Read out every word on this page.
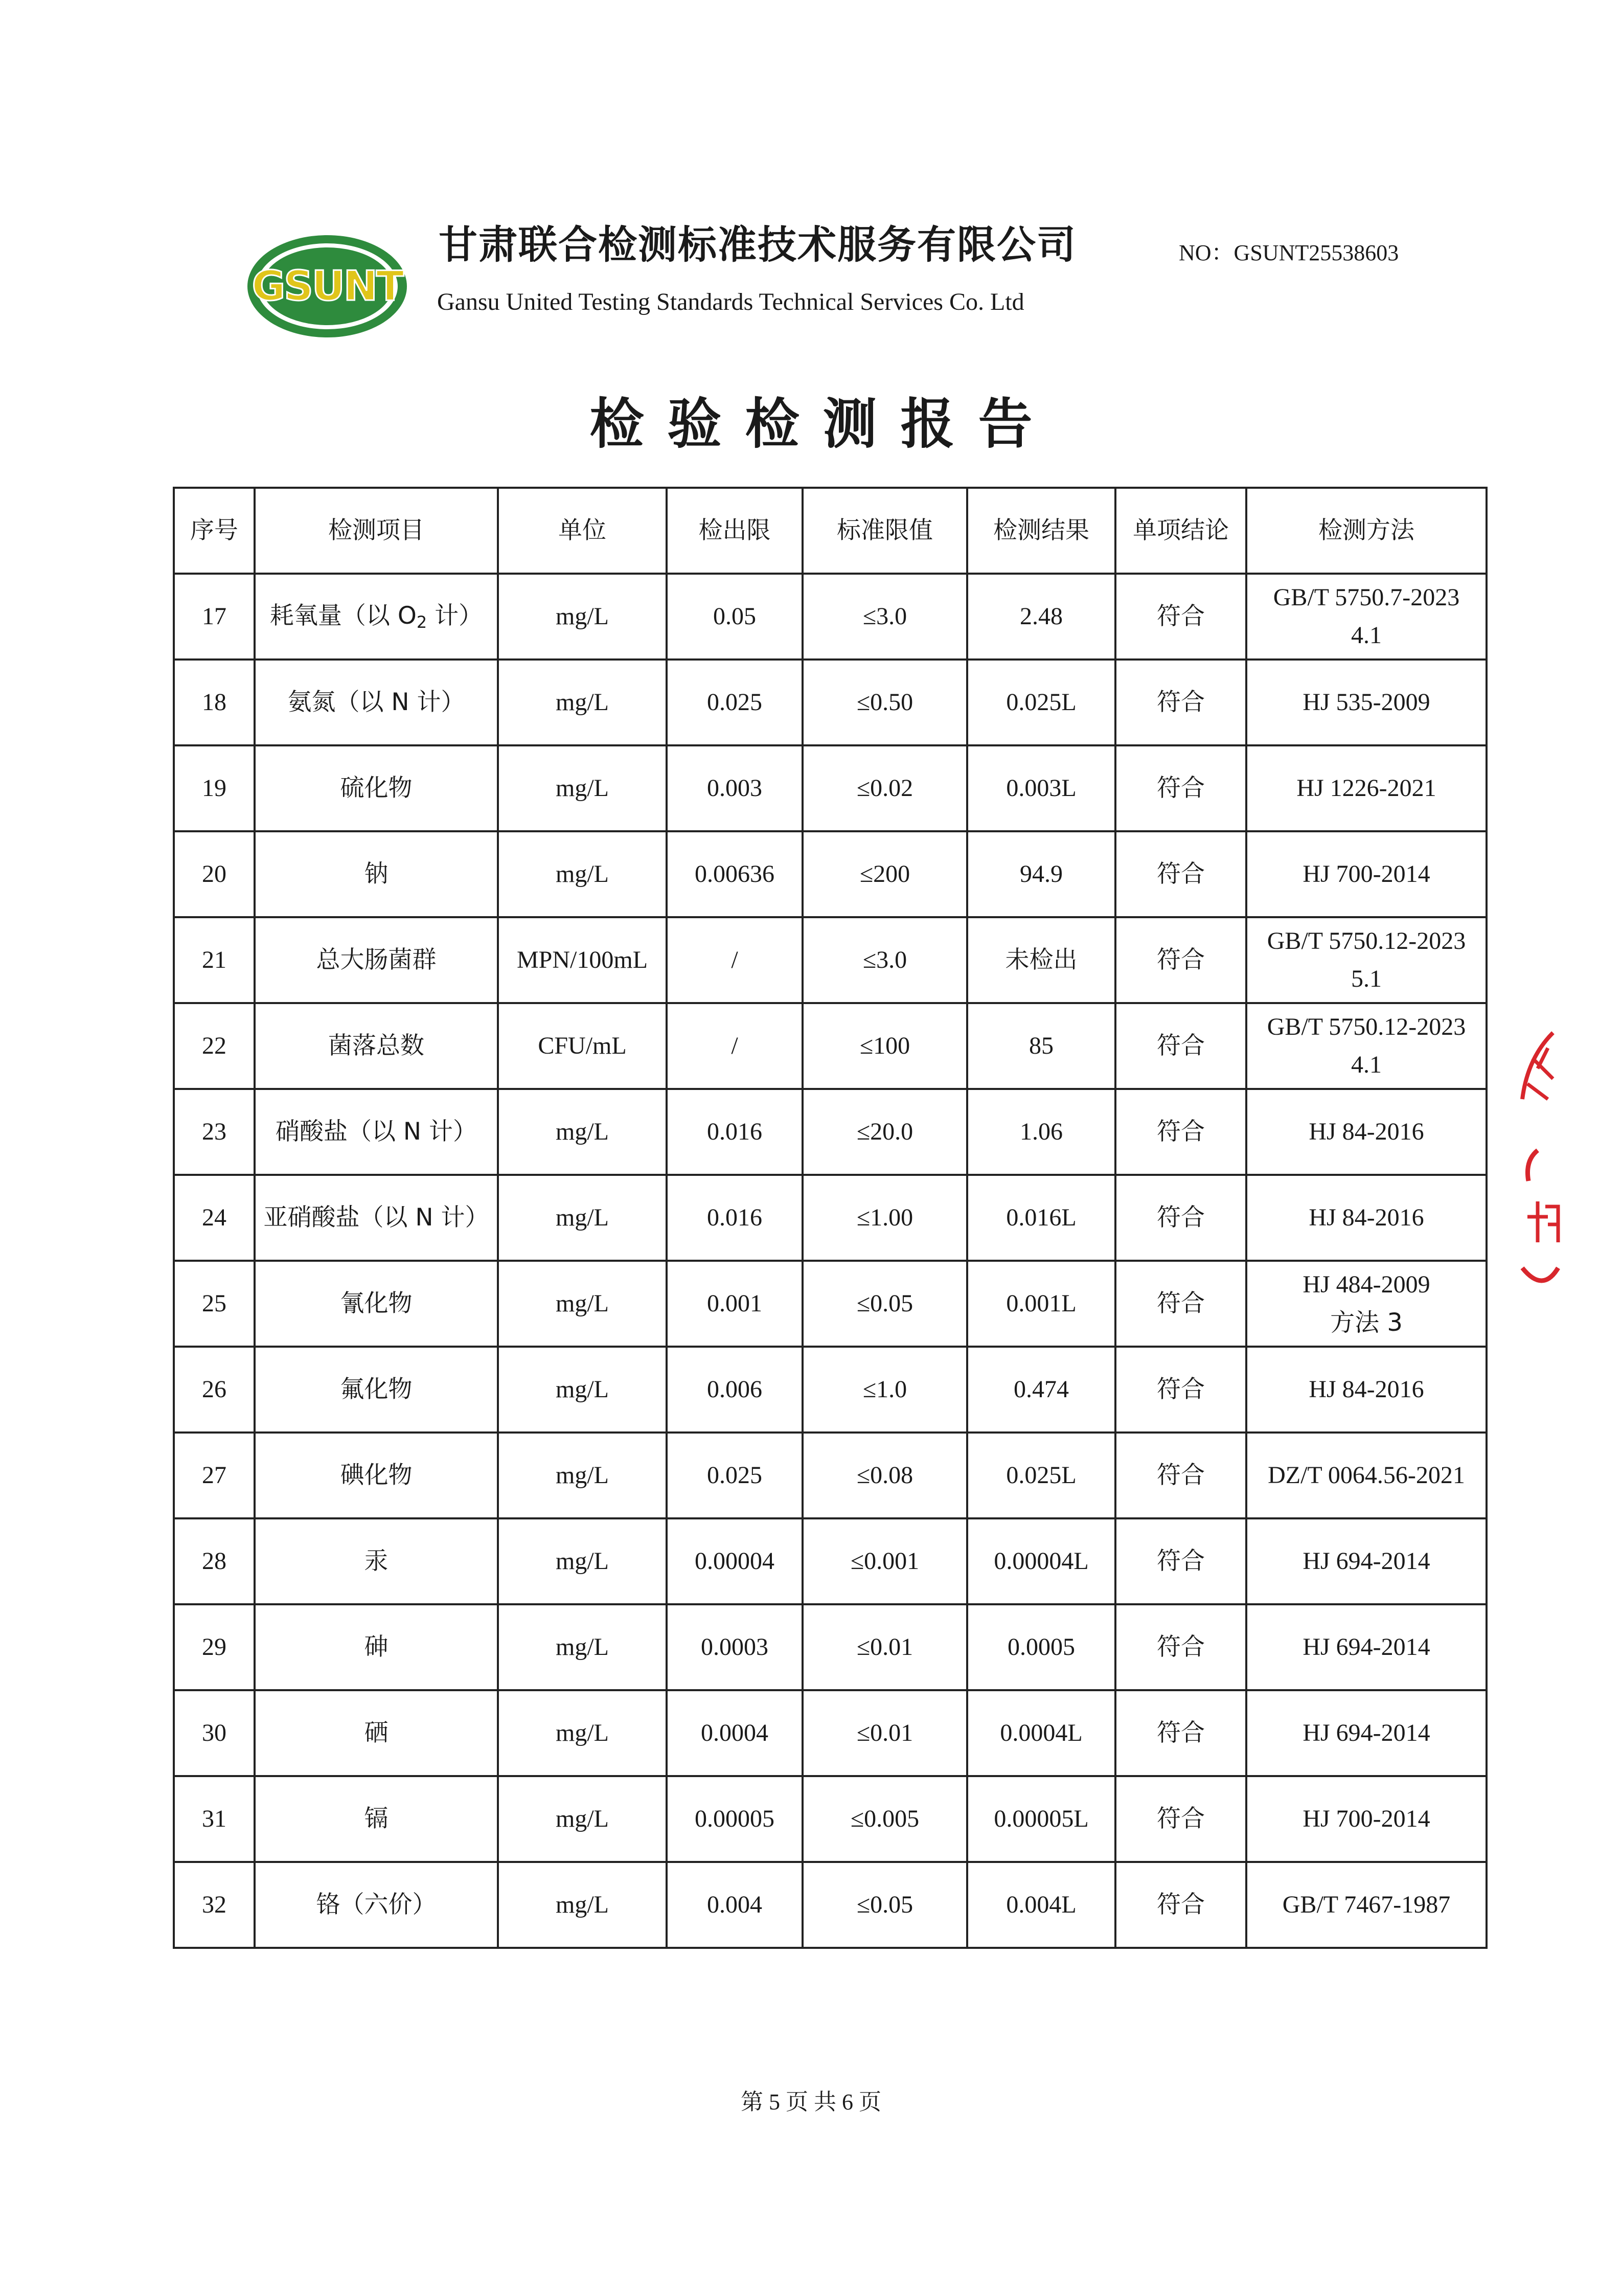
GSUNT
甘肃联合检测标准技术服务有限公司
Gansu United Testing Standards Technical Services Co. Ltd
NO：GSUNT25538603
检验检测报告
序号	检测项目	单位	检出限	标准限值	检测结果	单项结论	检测方法
17	耗氧量（以 $O_2$ 计）	mg/L	0.05	≤3.0	2.48	符合	GB/T 5750.7-2023
4.1

18	氨氮（以 N 计）	mg/L	0.025	≤0.50	0.025L	符合	HJ 535-2009

19	硫化物	mg/L	0.003	≤0.02	0.003L	符合	HJ 1226-2021

20	钠	mg/L	0.00636	≤200	94.9	符合	HJ 700-2014

21	总大肠菌群	MPN/100mL	/	≤3.0	未检出	符合	GB/T 5750.12-2023
5.1

22	菌落总数	CFU/mL	/	≤100	85	符合	GB/T 5750.12-2023
4.1

23	硝酸盐（以 N 计）	mg/L	0.016	≤20.0	1.06	符合	HJ 84-2016

24	亚硝酸盐（以 N 计）	mg/L	0.016	≤1.00	0.016L	符合	HJ 84-2016

25	氰化物	mg/L	0.001	≤0.05	0.001L	符合	HJ 484-2009
方法 3

26	氟化物	mg/L	0.006	≤1.0	0.474	符合	HJ 84-2016

27	碘化物	mg/L	0.025	≤0.08	0.025L	符合	DZ/T 0064.56-2021

28	汞	mg/L	0.00004	≤0.001	0.00004L	符合	HJ 694-2014

29	砷	mg/L	0.0003	≤0.01	0.0005	符合	HJ 694-2014

30	硒	mg/L	0.0004	≤0.01	0.0004L	符合	HJ 694-2014

31	镉	mg/L	0.00005	≤0.005	0.00005L	符合	HJ 700-2014

32	铬（六价）	mg/L	0.004	≤0.05	0.004L	符合	GB/T 7467-1987
第 5 页 共 6 页
